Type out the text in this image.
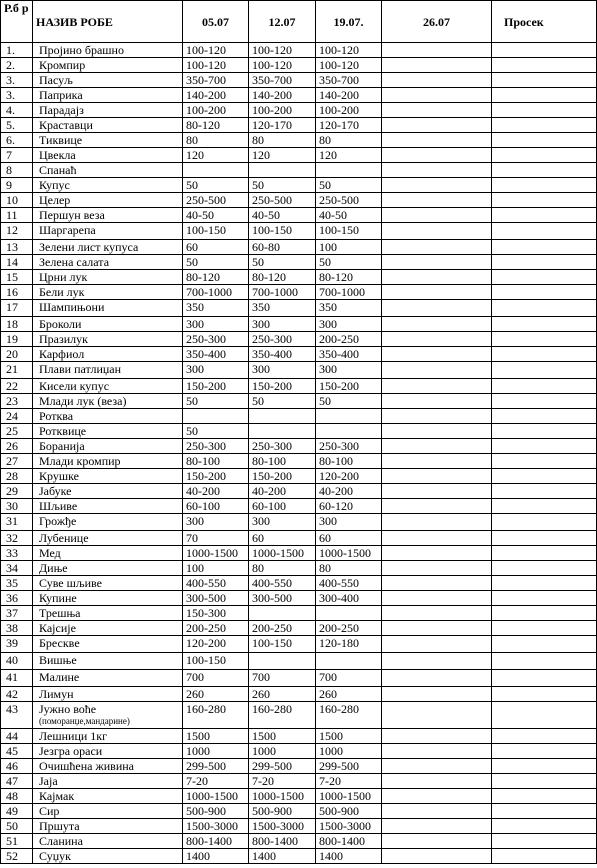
Р.б р	НАЗИВ РОБЕ	05.07	12.07	19.07.	26.07	Просек
1.	Пројино брашно	100-120	100-120	100-120		
2.	Кромпир	100-120	100-120	100-120		
3.	Пасуљ	350-700	350-700	350-700		
3.	Паприка	140-200	140-200	140-200		
4.	Парадајз	100-200	100-200	100-200		
5.	Краставци	80-120	120-170	120-170		
6.	Тиквице	80	80	80		
7	Цвекла	120	120	120		
8	Спанаћ					
9	Купус	50	50	50		
10	Целер	250-500	250-500	250-500		
11	Першун веза	40-50	40-50	40-50		
12	Шаргарепа	100-150	100-150	100-150		
13	Зелени лист купуса	60	60-80	100		
14	Зелена салата	50	50	50		
15	Црни лук	80-120	80-120	80-120		
16	Бели лук	700-1000	700-1000	700-1000		
17	Шампињони	350	350	350		
18	Броколи	300	300	300		
19	Празилук	250-300	250-300	200-250		
20	Карфиол	350-400	350-400	350-400		
21	Плави патлиџан	300	300	300		
22	Кисели купус	150-200	150-200	150-200		
23	Млади лук (веза)	50	50	50		
24	Ротква					
25	Ротквице	50				
26	Боранија	250-300	250-300	250-300		
27	Млади кромпир	80-100	80-100	80-100		
28	Крушке	150-200	150-200	120-200		
29	Јабуке	40-200	40-200	40-200		
30	Шљиве	60-100	60-100	60-120		
31	Грожђе	300	300	300		
32	Лубенице	70	60	60		
33	Мед	1000-1500	1000-1500	1000-1500		
34	Диње	100	80	80		
35	Суве шљиве	400-550	400-550	400-550		
36	Купине	300-500	300-500	300-400		
37	Трешња	150-300				
38	Кајсије	200-250	200-250	200-250		
39	Бресквe	120-200	100-150	120-180		
40	Вишње	100-150				
41	Малине	700	700	700		
42	Лимун	260	260	260		
43	Јужно воће
(поморанџе,мандарине)	160-280	160-280	160-280		
44	Лешници 1кг	1500	1500	1500		
45	Језгра ораси	1000	1000	1000		
46	Очишћена живина	299-500	299-500	299-500		
47	Јаја	7-20	7-20	7-20		
48	Кајмак	1000-1500	1000-1500	1000-1500		
49	Сир	500-900	500-900	500-900		
50	Пршута	1500-3000	1500-3000	1500-3000		
51	Сланина	800-1400	800-1400	800-1400		
52	Суџук	1400	1400	1400		
